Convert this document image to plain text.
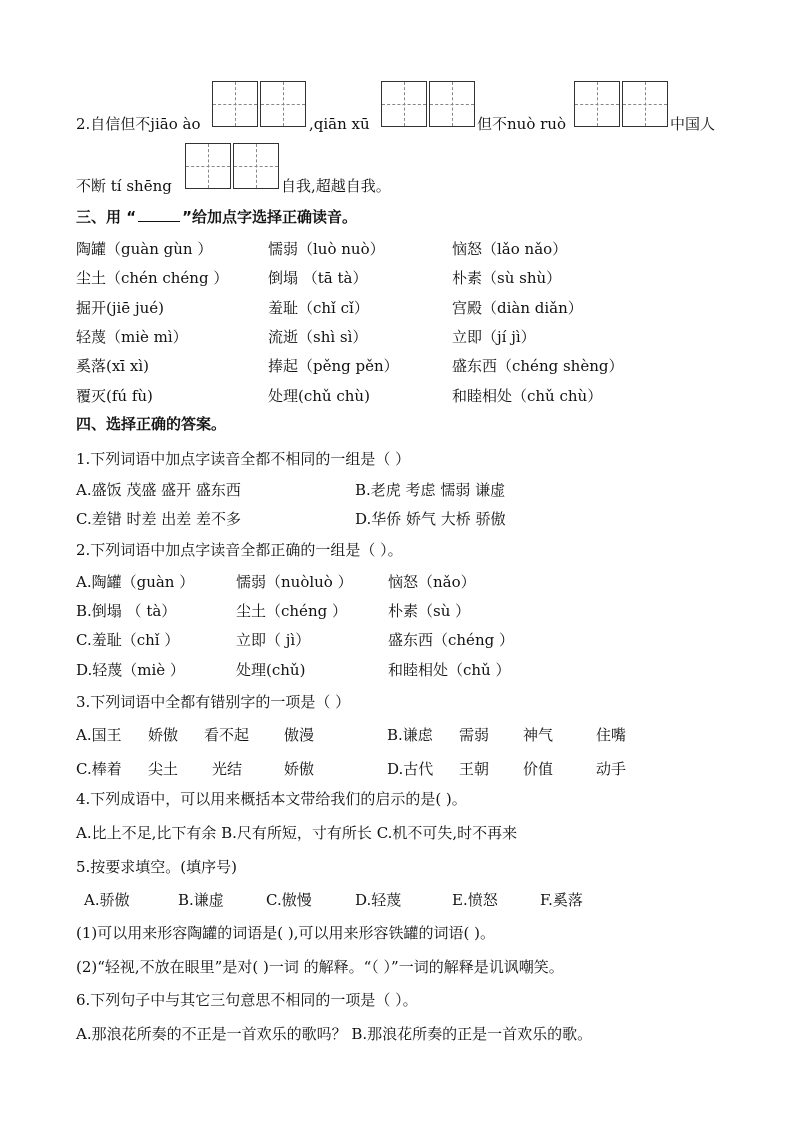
2.自信但不jiāo ào	,qiān xū	但不nuò ruò	中国人
不断 tí shēng	自我,超越自我。
三、用 “	”给加点字选择正确读音。
陶罐（guàn gùn ）	懦弱（luò nuò）	恼怒（lǎo nǎo）
尘土（chén chéng ）	倒塌 （tā tà）	朴素（sù shù）
掘开(jiē jué)	羞耻（chǐ cǐ）	宫殿（diàn diǎn）
轻蔑（miè mì）	流逝（shì sì）	立即（jí jì）
奚落(xī xì)	捧起（pěng pěn）	盛东西（chéng shèng）
覆灭(fú fù)	处理(chǔ chù)	和睦相处（chǔ chù）
四、选择正确的答案。
1.下列词语中加点字读音全都不相同的一组是（ ）
A.盛饭 茂盛 盛开 盛东西	B.老虎 考虑 懦弱 谦虚
C.差错 时差 出差 差不多	D.华侨 娇气 大桥 骄傲
2.下列词语中加点字读音全都正确的一组是（ ）。
A.陶罐（guàn ）	懦弱（nuòluò ） 恼怒（nǎo）
B.倒塌 （ tà）	尘土（chéng ）	朴素（sù ）
C.羞耻（chǐ ）	立即（ jì）	盛东西（chéng ）
D.轻蔑（miè ）	处理(chǔ)	和睦相处（chǔ ）
3.下列词语中全都有错别字的一项是（ ）
A.国王 娇傲 看不起 傲漫	B.谦虑 需弱 神气	住嘴
C.棒着 尖土 光结	娇傲	D.古代 王朝 价值	动手
4.下列成语中，可以用来概括本文带给我们的启示的是( )。
A.比上不足,比下有余 B.尺有所短，寸有所长 C.机不可失,时不再来
5.按要求填空。(填序号)
A.骄傲	B.谦虚	C.傲慢	D.轻蔑	E.愤怒	F.奚落
(1)可以用来形容陶罐的词语是( ),可以用来形容铁罐的词语( )。
(2)“轻视,不放在眼里”是对( )一词 的解释。“（ ）”一词的解释是讥讽嘲笑。
6.下列句子中与其它三句意思不相同的一项是（ ）。
A.那浪花所奏的不正是一首欢乐的歌吗？ B.那浪花所奏的正是一首欢乐的歌。
